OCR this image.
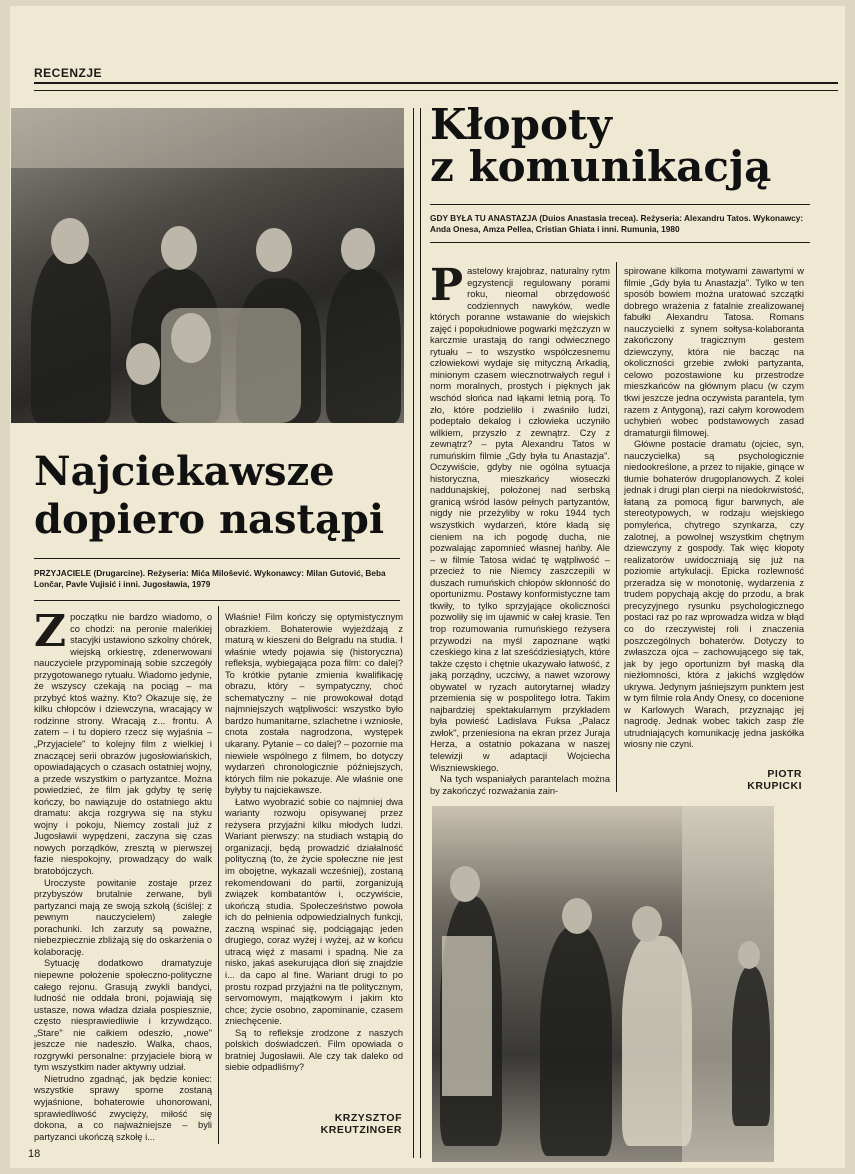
RECENZJE
Kłopoty
z komunikacją

GDY BYŁA TU ANASTAZJA (Duios Anastasia trecea). Reżyseria: Alexandru Tatos. Wykonawcy: Anda Onesa, Amza Pellea, Cristian Ghiata i inni. Rumunia, 1980

Najciekawsze
dopiero nastąpi

PRZYJACIELE (Drugarcine). Reżyseria: Mića Milošević. Wykonawcy: Milan Gutović, Beba Lončar, Pavle Vujisić i inni. Jugosławia, 1979

Pastelowy krajobraz, naturalny rytm egzystencji regulowany porami roku, nieomal obrzędowość codziennych nawyków, wedle których poranne wstawanie do wiejskich zajęć i popołudniowe pogwarki mężczyzn w karczmie urastają do rangi odwiecznego rytuału – to wszystko współczesnemu człowiekowi wydaje się mityczną Arkadią, minionym czasem wiecznotrwałych reguł i norm moralnych, prostych i pięknych jak wschód słońca nad łąkami letnią porą. To zło, które podzieliło i zwaśniło ludzi, podeptało dekalog i człowieka uczyniło wilkiem, przyszło z zewnątrz. Czy z zewnątrz? – pyta Alexandru Tatos w rumuńskim filmie „Gdy była tu Anastazja". Oczywiście, gdyby nie ogólna sytuacja historyczna, mieszkańcy wioseczki naddunajskiej, położonej nad serbską granicą wśród lasów pełnych partyzantów, nigdy nie przeżyliby w roku 1944 tych wszystkich wydarzeń, które kładą się cieniem na ich pogodę ducha, nie pozwalając zapomnieć własnej hańby. Ale – w filmie Tatosa widać tę wątpliwość – przecież to nie Niemcy zaszczepili w duszach rumuńskich chłopów skłonność do oportunizmu. Postawy konformistyczne tam tkwiły, to tylko sprzyjające okoliczności pozwoliły się im ujawnić w całej krasie. Ten trop rozumowania rumuńskiego reżysera przywodzi na myśl zapoznane wątki czeskiego kina z lat sześćdziesiątych, które także często i chętnie ukazywało łatwość, z jaką porządny, uczciwy, a nawet wzorowy obywatel w ryzach autorytarnej władzy przemienia się w pospolitego łotra. Takim najbardziej spektakularnym przykładem była powieść Ladislava Fuksa „Palacz zwłok", przeniesiona na ekran przez Juraja Herza, a ostatnio pokazana w naszej telewizji w adaptacji Wojciecha Wiszniewskiego.

Na tych wspaniałych parantelach można by zakończyć rozważania zain-

spirowane kilkoma motywami zawartymi w filmie „Gdy była tu Anastazja". Tylko w ten sposób bowiem można uratować szczątki dobrego wrażenia z fatalnie zrealizowanej fabułki Alexandru Tatosa. Romans nauczycielki z synem sołtysa-kolaboranta zakończony tragicznym gestem dziewczyny, która nie bacząc na okoliczności grzebie zwłoki partyzanta, celowo pozostawione ku przestrodze mieszkańców na głównym placu (w czym tkwi jeszcze jedna oczywista parantela, tym razem z Antygoną), razi całym korowodem uchybień wobec podstawowych zasad dramaturgii filmowej.

Główne postacie dramatu (ojciec, syn, nauczycielka) są psychologicznie niedookreślone, a przez to nijakie, ginące w tłumie bohaterów drugoplanowych. Z kolei jednak i drugi plan cierpi na niedokrwistość, łataną za pomocą figur barwnych, ale stereotypowych, w rodzaju wiejskiego pomyleńca, chytrego szynkarza, czy zalotnej, a powolnej wszystkim chętnym dziewczyny z gospody. Tak więc kłopoty realizatorów uwidoczniają się już na poziomie artykulacji. Epicka rozlewność przeradza się w monotonię, wydarzenia z trudem popychają akcję do przodu, a brak precyzyjnego rysunku psychologicznego postaci raz po raz wprowadza widza w błąd co do rzeczywistej roli i znaczenia poszczególnych bohaterów. Dotyczy to zwłaszcza ojca – zachowującego się tak, jak by jego oportunizm był maską dla nieżłomności, która z jakichś względów ukrywa. Jedynym jaśniejszym punktem jest w tym filmie rola Andy Onesy, co docenione w Karlowych Warach, przyznając jej nagrodę. Jednak wobec takich zasp źle utrudniających komunikację jedna jaskółka wiosny nie czyni.

PIOTR
KRUPICKI

Zpoczątku nie bardzo wiadomo, o co chodzi: na peronie maleńkiej stacyjki ustawiono szkolny chórek, wiejską orkiestrę, zdenerwowani nauczyciele przypominają sobie szczegóły przygotowanego rytuału. Wiadomo jedynie, że wszyscy czekają na pociąg – ma przybyć ktoś ważny. Kto? Okazuje się, że kilku chłopców i dziewczyna, wracający w rodzinne strony. Wracają z... frontu. A zatem – i tu dopiero rzecz się wyjaśnia – „Przyjaciele" to kolejny film z wielkiej i znaczącej serii obrazów jugosłowiańskich, opowiadających o czasach ostatniej wojny, a przede wszystkim o partyzantce. Można powiedzieć, że film jak gdyby tę serię kończy, bo nawiązuje do ostatniego aktu dramatu: akcja rozgrywa się na styku wojny i pokoju, Niemcy zostali już z Jugosławii wypędzeni, zaczyna się czas nowych porządków, zresztą w pierwszej fazie niespokojny, prowadzący do walk bratobójczych.

Uroczyste powitanie zostaje przez przybyszów brutalnie zerwane, byli partyzanci mają ze swoją szkołą (ściślej: z pewnym nauczycielem) zaległe porachunki. Ich zarzuty są poważne, niebezpiecznie zbliżają się do oskarżenia o kolaborację.

Sytuację dodatkowo dramatyzuje niepewne położenie społeczno-polityczne całego rejonu. Grasują zwykli bandyci, ludność nie oddała broni, pojawiają się ustasze, nowa władza działa pospiesznie, często niesprawiedliwie i krzywdząco. „Stare" nie całkiem odeszło, „nowe" jeszcze nie nadeszło. Walka, chaos, rozgrywki personalne: przyjaciele biorą w tym wszystkim nader aktywny udział.

Nietrudno zgadnąć, jak będzie koniec: wszystkie sprawy sporne zostaną wyjaśnione, bohaterowie uhonorowani, sprawiedliwość zwycięży, miłość się dokona, a co najważniejsze – byli partyzanci ukończą szkołę i...

Właśnie! Film kończy się optymistycznym obrazkiem. Bohaterowie wyjeżdżają z maturą w kieszeni do Belgradu na studia. I właśnie wtedy pojawia się (historyczna) refleksja, wybiegająca poza film: co dalej? To krótkie pytanie zmienia kwalifikację obrazu, który – sympatyczny, choć schematyczny – nie prowokował dotąd najmniejszych wątpliwości: wszystko było bardzo humanitarne, szlachetne i wzniosłe, cnota została nagrodzona, występek ukarany. Pytanie – co dalej? – pozornie ma niewiele wspólnego z filmem, bo dotyczy wydarzeń chronologicznie późniejszych, których film nie pokazuje. Ale właśnie one byłyby tu najciekawsze.

Łatwo wyobrazić sobie co najmniej dwa warianty rozwoju opisywanej przez reżysera przyjaźni kilku młodych ludzi. Wariant pierwszy: na studiach wstąpią do organizacji, będą prowadzić działalność polityczną (to, że życie społeczne nie jest im obojętne, wykazali wcześniej), zostaną rekomendowani do partii, zorganizują związek kombatantów i, oczywiście, ukończą studia. Społecześństwo powoła ich do pełnienia odpowiedzialnych funkcji, zaczną wspinać się, podciągając jeden drugiego, coraz wyżej i wyżej, aż w końcu utracą więź z masami i spadną. Nie za nisko, jakaś asekurująca dłoń się znajdzie i... da capo al fine. Wariant drugi to po prostu rozpad przyjaźni na tle politycznym, servomowym, majątkowym i jakim kto chce; życie osobno, zapominanie, czasem zniechęcenie.

Są to refleksje zrodzone z naszych polskich doświadczeń. Film opowiada o bratniej Jugosławii. Ale czy tak daleko od siebie odpadliśmy?

KRZYSZTOF
KREUTZINGER
18
